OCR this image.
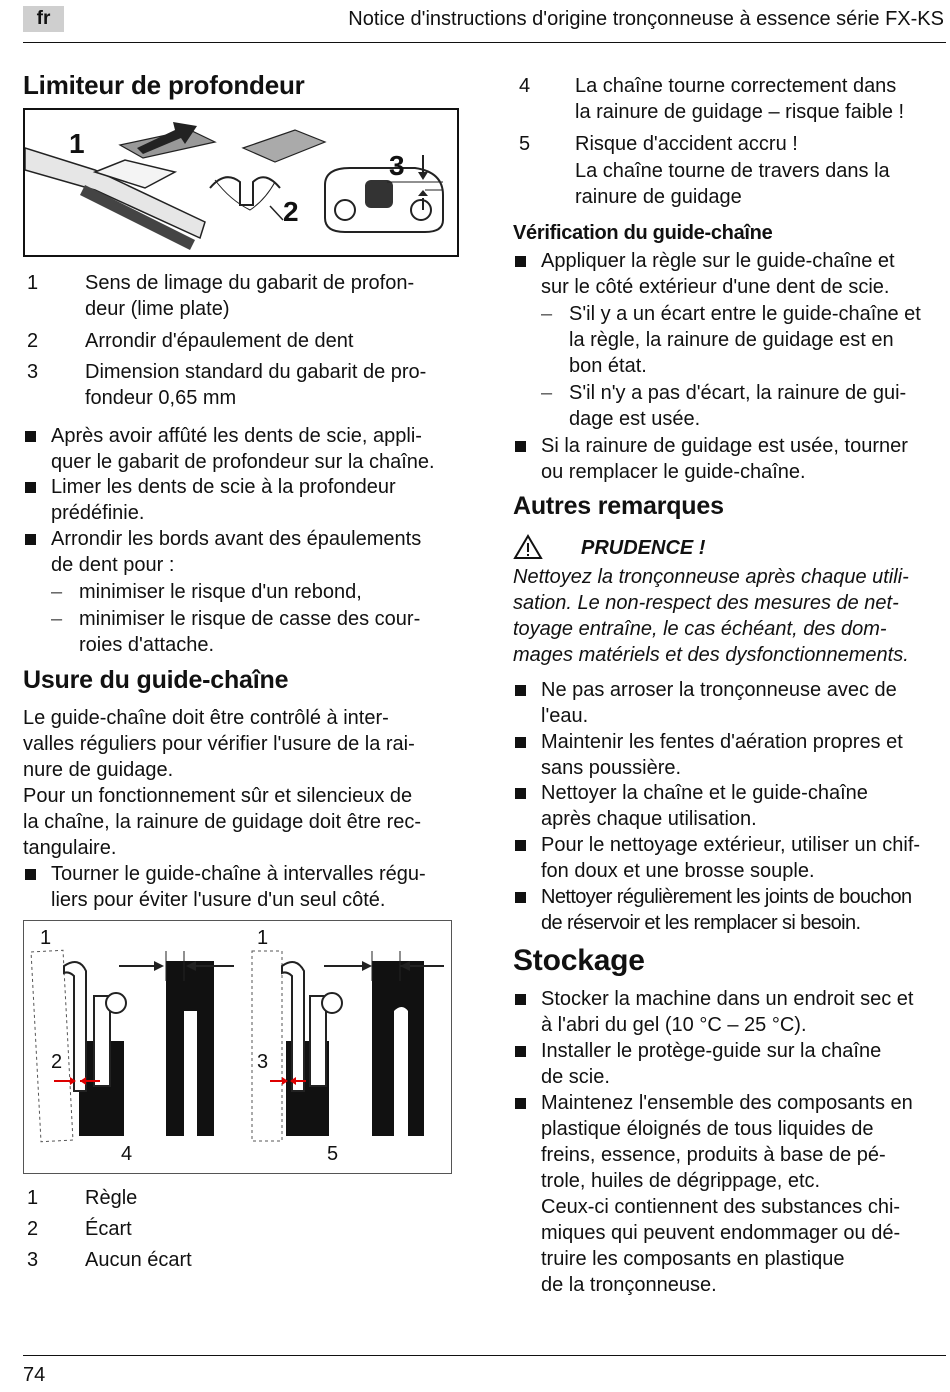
fr	Notice d'instructions d'origine tronçonneuse à essence série FX-KS
Limiteur de profondeur
1
2
3
1 Sens de limage du gabarit de profon-
deur (lime plate)
2 Arrondir d'épaulement de dent
3 Dimension standard du gabarit de pro-
fondeur 0,65 mm
Après avoir affûté les dents de scie, appli-
quer le gabarit de profondeur sur la chaîne.
Limer les dents de scie à la profondeur
prédéfinie.
Arrondir les bords avant des épaulements
de dent pour :
– minimiser le risque d'un rebond,
– minimiser le risque de casse des cour-
roies d'attache.
Usure du guide-chaîne
Le guide-chaîne doit être contrôlé à inter-
valles réguliers pour vérifier l'usure de la rai-
nure de guidage.
Pour un fonctionnement sûr et silencieux de
la chaîne, la rainure de guidage doit être rec-
tangulaire.
Tourner le guide-chaîne à intervalles régu-
liers pour éviter l'usure d'un seul côté.
1
2
4
1
3
5
1 Règle
2 Écart
3 Aucun écart
4 La chaîne tourne correctement dans
la rainure de guidage – risque faible !
5 Risque d'accident accru !
La chaîne tourne de travers dans la
rainure de guidage
Vérification du guide-chaîne
Appliquer la règle sur le guide-chaîne et
sur le côté extérieur d'une dent de scie.
– S'il y a un écart entre le guide-chaîne et
la règle, la rainure de guidage est en
bon état.
– S'il n'y a pas d'écart, la rainure de gui-
dage est usée.
Si la rainure de guidage est usée, tourner
ou remplacer le guide-chaîne.
Autres remarques
PRUDENCE !
Nettoyez la tronçonneuse après chaque utili-
sation. Le non-respect des mesures de net-
toyage entraîne, le cas échéant, des dom-
mages matériels et des dysfonctionnements.
Ne pas arroser la tronçonneuse avec de
l'eau.
Maintenir les fentes d'aération propres et
sans poussière.
Nettoyer la chaîne et le guide-chaîne
après chaque utilisation.
Pour le nettoyage extérieur, utiliser un chif-
fon doux et une brosse souple.
Nettoyer régulièrement les joints de bouchon
de réservoir et les remplacer si besoin.
Stockage
Stocker la machine dans un endroit sec et
à l'abri du gel (10 °C – 25 °C).
Installer le protège-guide sur la chaîne
de scie.
Maintenez l'ensemble des composants en
plastique éloignés de tous liquides de
freins, essence, produits à base de pé-
trole, huiles de dégrippage, etc.
Ceux-ci contiennent des substances chi-
miques qui peuvent endommager ou dé-
truire les composants en plastique
de la tronçonneuse.
74
